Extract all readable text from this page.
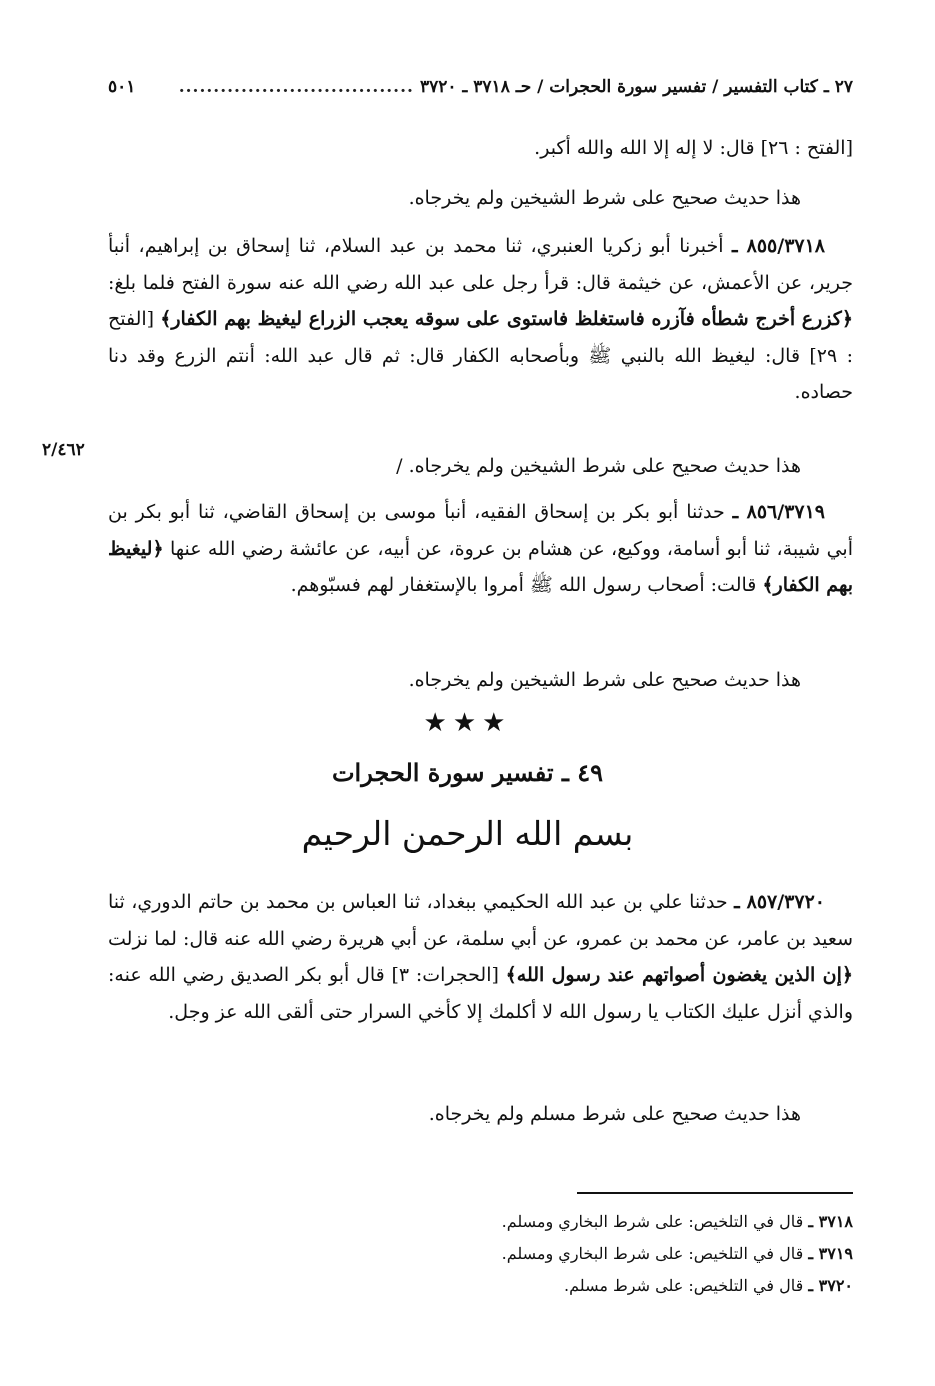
٢٧ ـ كتاب التفسير / تفسير سورة الحجرات / حـ ٣٧١٨ ـ ٣٧٢٠
..................................
٥٠١
٢/٤٦٢
[الفتح : ٢٦] قال: لا إله إلا الله والله أكبر.
هذا حديث صحيح على شرط الشيخين ولم يخرجاه.
٨٥٥/٣٧١٨ ـ أخبرنا أبو زكريا العنبري، ثنا محمد بن عبد السلام، ثنا إسحاق بن إبراهيم، أنبأ جرير، عن الأعمش، عن خيثمة قال: قرأ رجل على عبد الله رضي الله عنه سورة الفتح فلما بلغ: ﴿كزرع أخرج شطأه فآزره فاستغلظ فاستوى على سوقه يعجب الزراع ليغيظ بهم الكفار﴾ [الفتح : ٢٩] قال: ليغيظ الله بالنبي ﷺ وبأصحابه الكفار قال: ثم قال عبد الله: أنتم الزرع وقد دنا حصاده.
هذا حديث صحيح على شرط الشيخين ولم يخرجاه. /
٨٥٦/٣٧١٩ ـ حدثنا أبو بكر بن إسحاق الفقيه، أنبأ موسى بن إسحاق القاضي، ثنا أبو بكر بن أبي شيبة، ثنا أبو أسامة، ووكيع، عن هشام بن عروة، عن أبيه، عن عائشة رضي الله عنها ﴿ليغيظ بهم الكفار﴾ قالت: أصحاب رسول الله ﷺ أمروا بالإستغفار لهم فسبّوهم.
هذا حديث صحيح على شرط الشيخين ولم يخرجاه.
★★★
٤٩ ـ تفسير سورة الحجرات
بسم الله الرحمن الرحيم
٨٥٧/٣٧٢٠ ـ حدثنا علي بن عبد الله الحكيمي ببغداد، ثنا العباس بن محمد بن حاتم الدوري، ثنا سعيد بن عامر، عن محمد بن عمرو، عن أبي سلمة، عن أبي هريرة رضي الله عنه قال: لما نزلت ﴿إن الذين يغضون أصواتهم عند رسول الله﴾ [الحجرات: ٣] قال أبو بكر الصديق رضي الله عنه: والذي أنزل عليك الكتاب يا رسول الله لا أكلمك إلا كأخي السرار حتى ألقى الله عز وجل.
هذا حديث صحيح على شرط مسلم ولم يخرجاه.
٣٧١٨ ـ قال في التلخيص: على شرط البخاري ومسلم.
٣٧١٩ ـ قال في التلخيص: على شرط البخاري ومسلم.
٣٧٢٠ ـ قال في التلخيص: على شرط مسلم.
